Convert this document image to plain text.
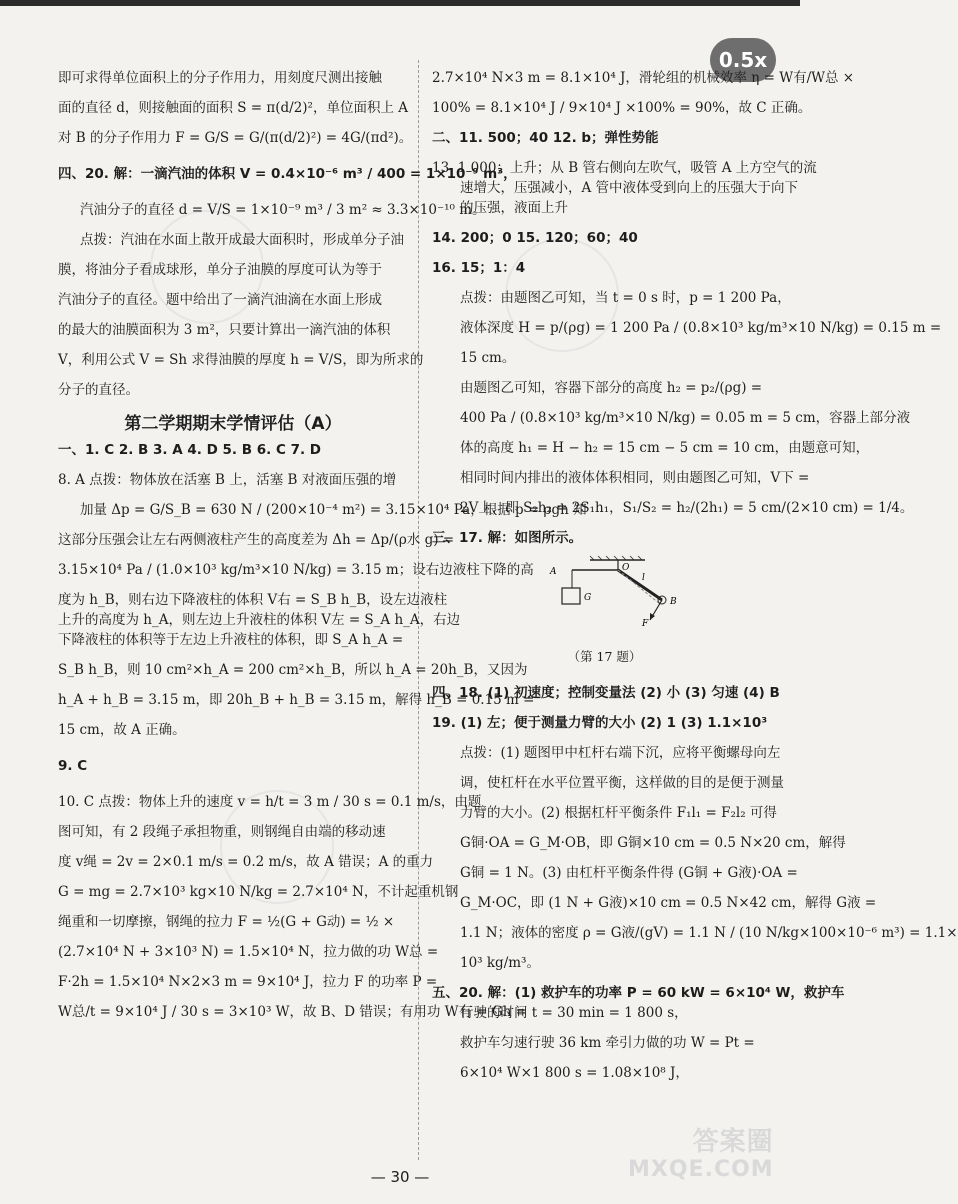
0.5x
即可求得单位面积上的分子作用力，用刻度尺测出接触
面的直径 d，则接触面的面积 S = π(d/2)²，单位面积上 A
对 B 的分子作用力 F = G/S = G/(π(d/2)²) = 4G/(πd²)。
四、20. 解：一滴汽油的体积 V = 0.4×10⁻⁶ m³ / 400 = 1×10⁻⁹ m³，
汽油分子的直径 d = V/S = 1×10⁻⁹ m³ / 3 m² ≈ 3.3×10⁻¹⁰ m。
点拨：汽油在水面上散开成最大面积时，形成单分子油
膜，将油分子看成球形，单分子油膜的厚度可认为等于
汽油分子的直径。题中给出了一滴汽油滴在水面上形成
的最大的油膜面积为 3 m²，只要计算出一滴汽油的体积
V，利用公式 V = Sh 求得油膜的厚度 h = V/S，即为所求的
分子的直径。
第二学期期末学情评估（A）
一、1. C 2. B 3. A 4. D 5. B 6. C 7. D
8. A 点拨：物体放在活塞 B 上，活塞 B 对液面压强的增
加量 Δp = G/S_B = 630 N / (200×10⁻⁴ m²) = 3.15×10⁴ Pa，根据 p = ρgh 知
这部分压强会让左右两侧液柱产生的高度差为 Δh = Δp/(ρ水 g) =
3.15×10⁴ Pa / (1.0×10³ kg/m³×10 N/kg) = 3.15 m；设右边液柱下降的高
度为 h_B，则右边下降液柱的体积 V右 = S_B h_B，设左边液柱
上升的高度为 h_A，则左边上升液柱的体积 V左 = S_A h_A，右边
下降液柱的体积等于左边上升液柱的体积，即 S_A h_A =
S_B h_B，则 10 cm²×h_A = 200 cm²×h_B，所以 h_A = 20h_B，又因为
h_A + h_B = 3.15 m，即 20h_B + h_B = 3.15 m，解得 h_B = 0.15 m =
15 cm，故 A 正确。
9. C
10. C 点拨：物体上升的速度 v = h/t = 3 m / 30 s = 0.1 m/s，由题
图可知，有 2 段绳子承担物重，则钢绳自由端的移动速
度 v绳 = 2v = 2×0.1 m/s = 0.2 m/s，故 A 错误；A 的重力
G = mg = 2.7×10³ kg×10 N/kg = 2.7×10⁴ N，不计起重机钢
绳重和一切摩擦，钢绳的拉力 F = ½(G + G动) = ½ ×
(2.7×10⁴ N + 3×10³ N) = 1.5×10⁴ N，拉力做的功 W总 =
F·2h = 1.5×10⁴ N×2×3 m = 9×10⁴ J，拉力 F 的功率 P =
W总/t = 9×10⁴ J / 30 s = 3×10³ W，故 B、D 错误；有用功 W有 = Gh =
2.7×10⁴ N×3 m = 8.1×10⁴ J，滑轮组的机械效率 η = W有/W总 ×
100% = 8.1×10⁴ J / 9×10⁴ J ×100% = 90%，故 C 正确。
二、11. 500；40 12. b；弹性势能
13. 1 000；上升；从 B 管右侧向左吹气，吸管 A 上方空气的流
速增大，压强减小，A 管中液体受到向上的压强大于向下
的压强，液面上升
14. 200；0 15. 120；60；40
16. 15；1：4
点拨：由题图乙可知，当 t = 0 s 时，p = 1 200 Pa，
液体深度 H = p/(ρg) = 1 200 Pa / (0.8×10³ kg/m³×10 N/kg) = 0.15 m =
15 cm。
由题图乙可知，容器下部分的高度 h₂ = p₂/(ρg) =
400 Pa / (0.8×10³ kg/m³×10 N/kg) = 0.05 m = 5 cm，容器上部分液
体的高度 h₁ = H − h₂ = 15 cm − 5 cm = 10 cm，由题意可知，
相同时间内排出的液体体积相同，则由题图乙可知，V下 =
2V上，即 S₂h₂ = 2S₁h₁，S₁/S₂ = h₂/(2h₁) = 5 cm/(2×10 cm) = 1/4。
三、17. 解：如图所示。
A	O
l
B
F
G
（第 17 题）
四、18. (1) 初速度；控制变量法 (2) 小 (3) 匀速 (4) B
19. (1) 左；便于测量力臂的大小 (2) 1 (3) 1.1×10³
点拨：(1) 题图甲中杠杆右端下沉，应将平衡螺母向左
调，使杠杆在水平位置平衡，这样做的目的是便于测量
力臂的大小。(2) 根据杠杆平衡条件 F₁l₁ = F₂l₂ 可得
G铜·OA = G_M·OB，即 G铜×10 cm = 0.5 N×20 cm，解得
G铜 = 1 N。(3) 由杠杆平衡条件得 (G铜 + G液)·OA =
G_M·OC，即 (1 N + G液)×10 cm = 0.5 N×42 cm，解得 G液 =
1.1 N；液体的密度 ρ = G液/(gV) = 1.1 N / (10 N/kg×100×10⁻⁶ m³) = 1.1×
10³ kg/m³。
五、20. 解：(1) 救护车的功率 P = 60 kW = 6×10⁴ W，救护车
行驶的时间 t = 30 min = 1 800 s，
救护车匀速行驶 36 km 牵引力做的功 W = Pt =
6×10⁴ W×1 800 s = 1.08×10⁸ J，
— 30 —
答案圈
MXQE.COM
